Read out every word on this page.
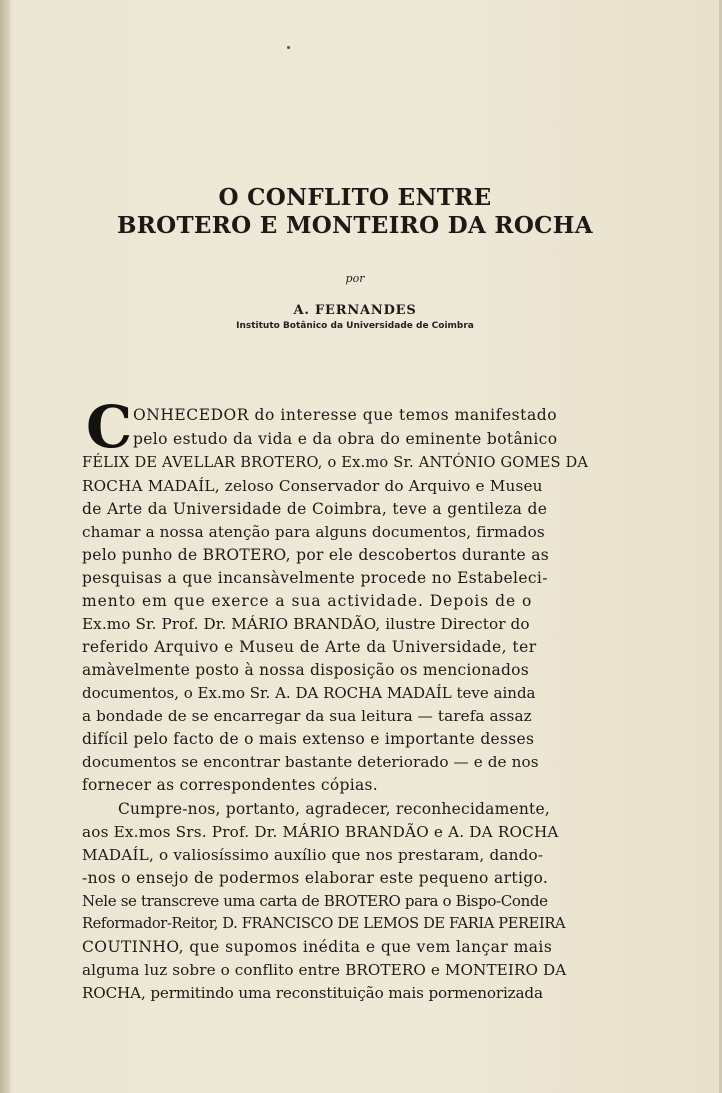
O CONFLITO ENTRE
BROTERO E MONTEIRO DA ROCHA
por
A. FERNANDES
Instituto Botânico da Universidade de Coimbra
C ONHECEDOR do interesse que temos manifestado
pelo estudo da vida e da obra do eminente botânico
FÉLIX DE AVELLAR BROTERO, o Ex.mo Sr. ANTÓNIO GOMES DA
ROCHA MADAÍL, zeloso Conservador do Arquivo e Museu
de Arte da Universidade de Coimbra, teve a gentileza de
chamar a nossa atenção para alguns documentos, firmados
pelo punho de BROTERO, por ele descobertos durante as
pesquisas a que incansàvelmente procede no Estabeleci-
mento em que exerce a sua actividade. Depois de o
Ex.mo Sr. Prof. Dr. MÁRIO BRANDÃO, ilustre Director do
referido Arquivo e Museu de Arte da Universidade, ter
amàvelmente posto à nossa disposição os mencionados
documentos, o Ex.mo Sr. A. DA ROCHA MADAÍL teve ainda
a bondade de se encarregar da sua leitura — tarefa assaz
difícil pelo facto de o mais extenso e importante desses
documentos se encontrar bastante deteriorado — e de nos
fornecer as correspondentes cópias.
Cumpre-nos, portanto, agradecer, reconhecidamente,
aos Ex.mos Srs. Prof. Dr. MÁRIO BRANDÃO e A. DA ROCHA
MADAÍL, o valiosíssimo auxílio que nos prestaram, dando-
-nos o ensejo de podermos elaborar este pequeno artigo.
Nele se transcreve uma carta de BROTERO para o Bispo-Conde
Reformador-Reitor, D. FRANCISCO DE LEMOS DE FARIA PEREIRA
COUTINHO, que supomos inédita e que vem lançar mais
alguma luz sobre o conflito entre BROTERO e MONTEIRO DA
ROCHA, permitindo uma reconstituição mais pormenorizada
